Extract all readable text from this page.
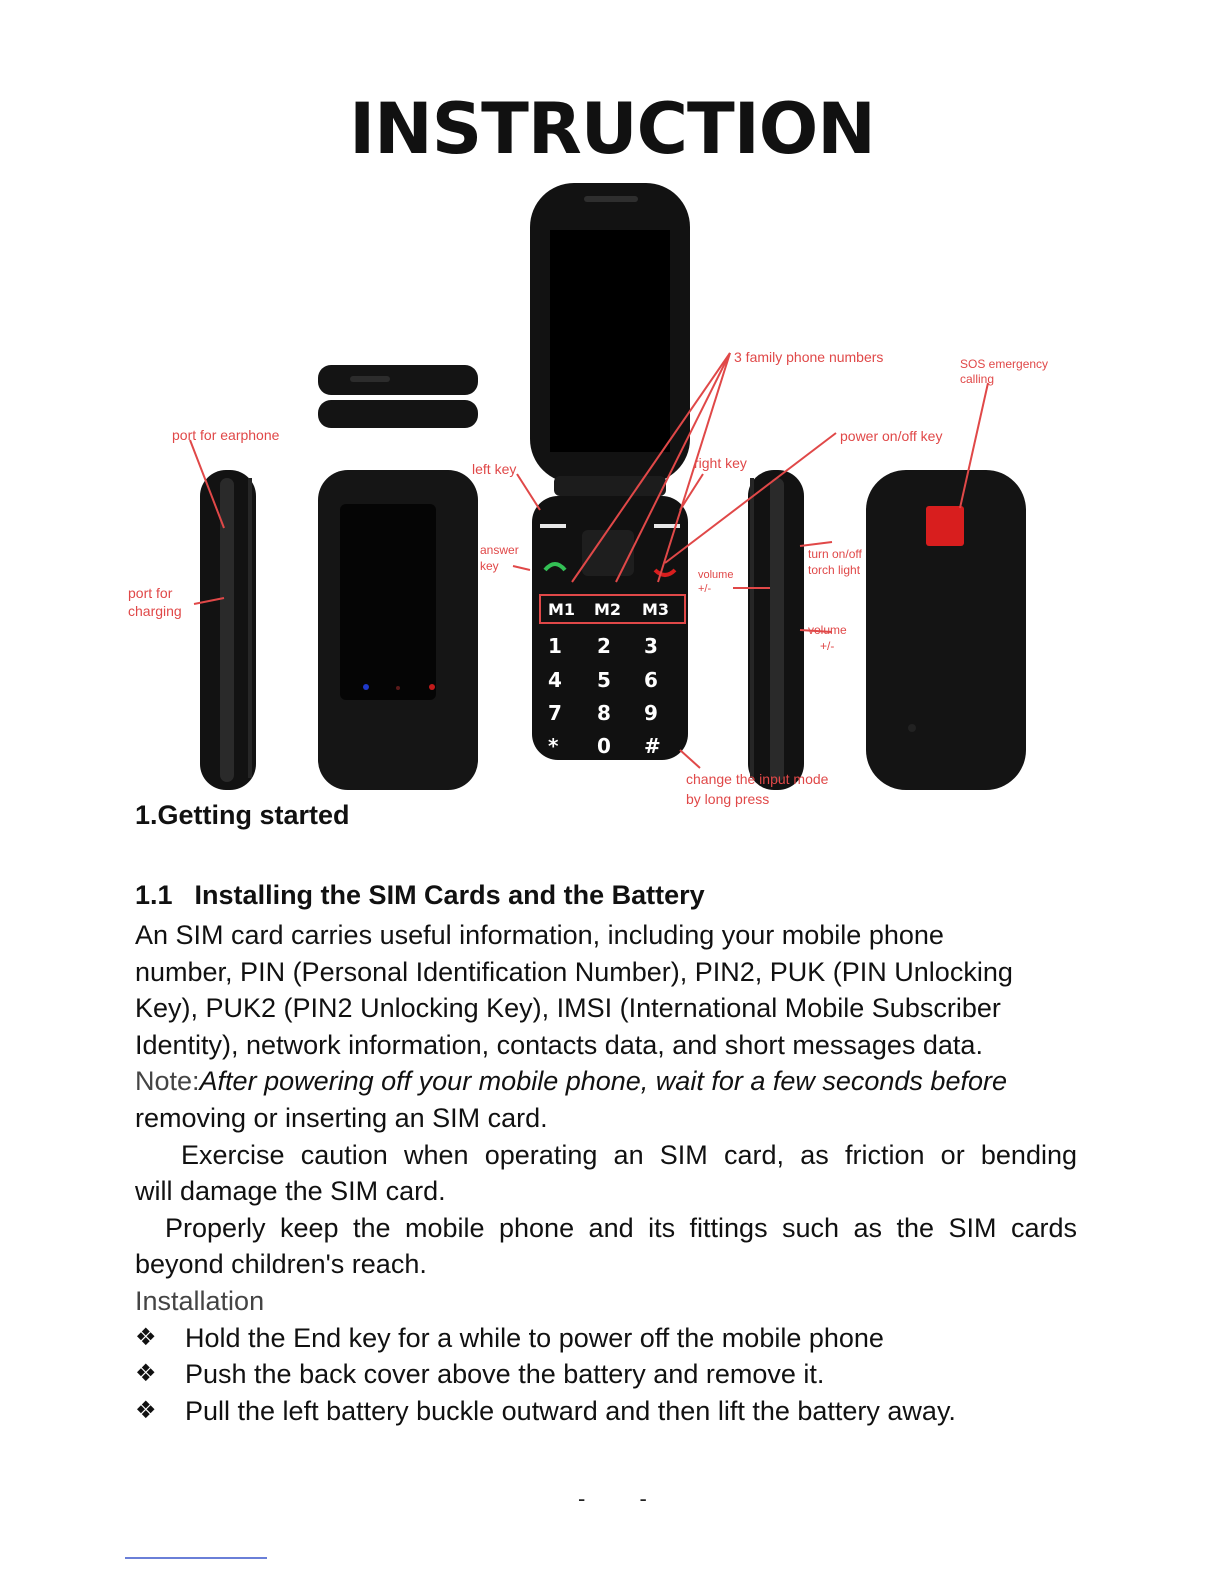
INSTRUCTION
M1 M2 M3
1 2 3
4 5 6
7 8 9
* 0 #
3 family phone numbers	SOS emergency
calling
power on/off key
port for earphone
left key	right key
answer
key
port for
charging
volume
+/-
turn on/off
torch light
volume
+/-
change the input mode
by long press
1.Getting started
1.1 Installing the SIM Cards and the Battery

An SIM card carries useful information, including your mobile phone

number, PIN (Personal Identification Number), PIN2, PUK (PIN Unlocking

Key), PUK2 (PIN2 Unlocking Key), IMSI (International Mobile Subscriber

Identity), network information, contacts data, and short messages data.

Note:After powering off your mobile phone, wait for a few seconds before

removing or inserting an SIM card.

Exercise caution when operating an SIM card, as friction or bending

will damage the SIM card.

Properly keep the mobile phone and its fittings such as the SIM cards

beyond children's reach.

Installation

❖	Hold the End key for a while to power off the mobile phone
❖	Push the back cover above the battery and remove it.
❖	Pull the left battery buckle outward and then lift the battery away.
- -
